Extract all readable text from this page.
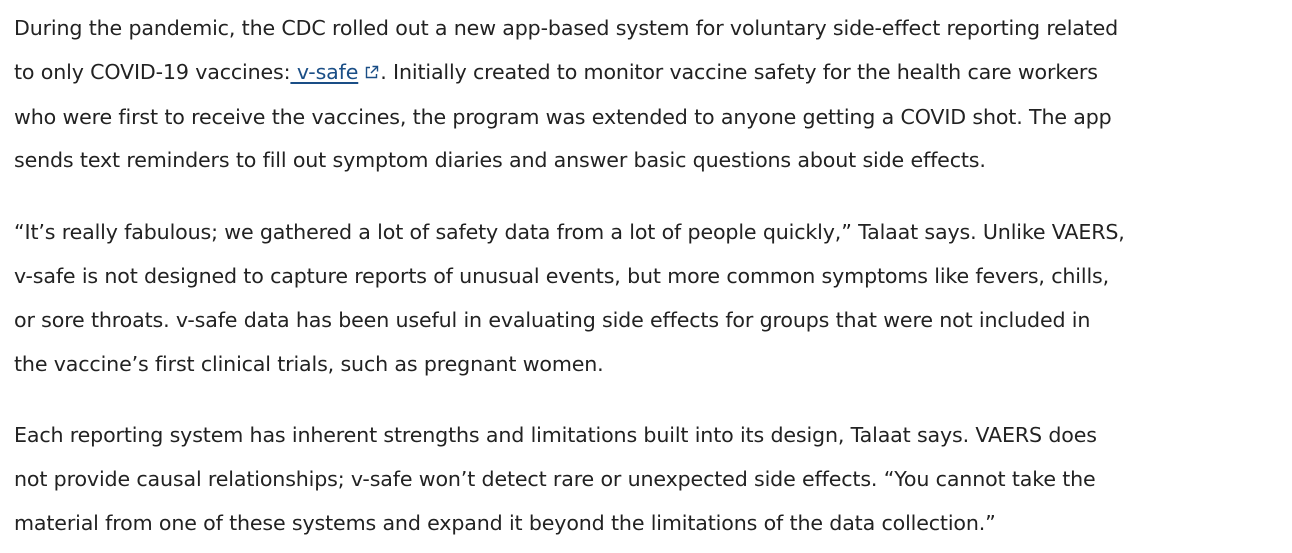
During the pandemic, the CDC rolled out a new app-based system for voluntary side-effect reporting related
to only COVID-19 vaccines: v-safe . Initially created to monitor vaccine safety for the health care workers
who were first to receive the vaccines, the program was extended to anyone getting a COVID shot. The app
sends text reminders to fill out symptom diaries and answer basic questions about side effects.

“It’s really fabulous; we gathered a lot of safety data from a lot of people quickly,” Talaat says. Unlike VAERS,
v-safe is not designed to capture reports of unusual events, but more common symptoms like fevers, chills,
or sore throats. v-safe data has been useful in evaluating side effects for groups that were not included in
the vaccine’s first clinical trials, such as pregnant women.

Each reporting system has inherent strengths and limitations built into its design, Talaat says. VAERS does
not provide causal relationships; v-safe won’t detect rare or unexpected side effects. “You cannot take the
material from one of these systems and expand it beyond the limitations of the data collection.”
